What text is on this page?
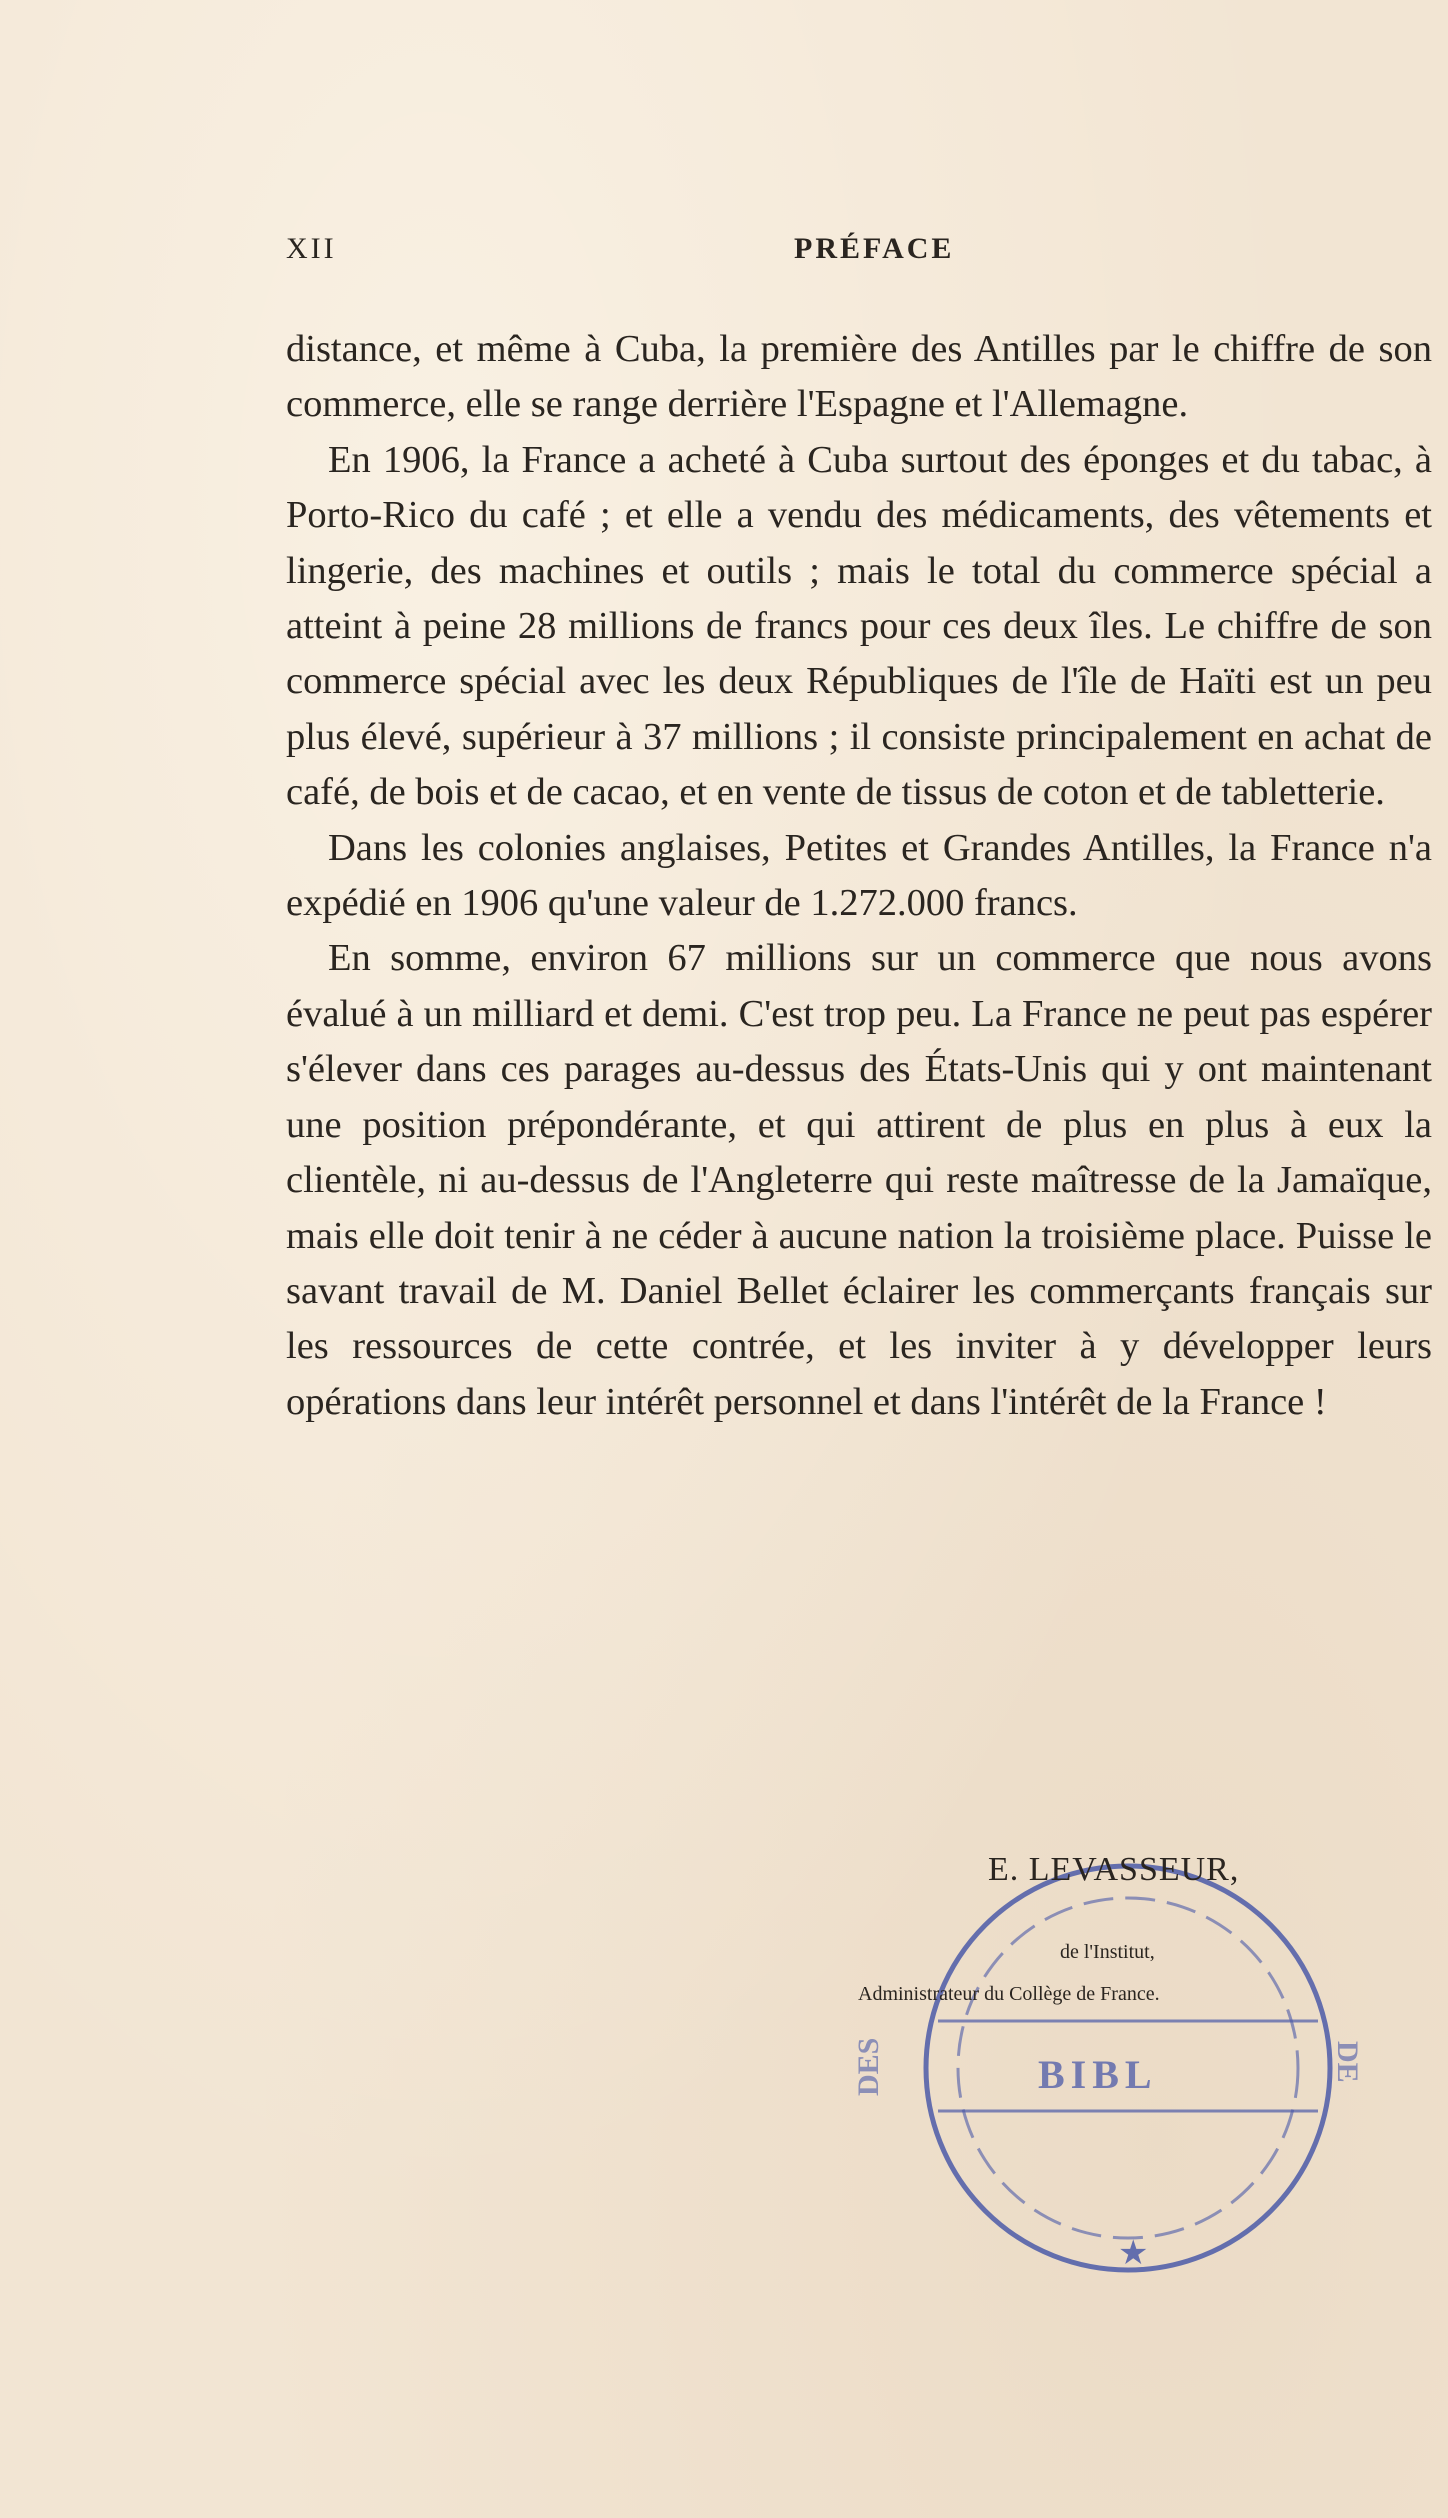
XII	PRÉFACE

distance, et même à Cuba, la première des Antilles par le chiffre de son commerce, elle se range derrière l'Espagne et l'Allemagne.

En 1906, la France a acheté à Cuba surtout des éponges et du tabac, à Porto-Rico du café ; et elle a vendu des médicaments, des vêtements et lingerie, des machines et outils ; mais le total du commerce spécial a atteint à peine 28 millions de francs pour ces deux îles. Le chiffre de son commerce spécial avec les deux Républiques de l'île de Haïti est un peu plus élevé, supérieur à 37 millions ; il consiste principalement en achat de café, de bois et de cacao, et en vente de tissus de coton et de tabletterie.

Dans les colonies anglaises, Petites et Grandes Antilles, la France n'a expédié en 1906 qu'une valeur de 1.272.000 francs.

En somme, environ 67 millions sur un commerce que nous avons évalué à un milliard et demi. C'est trop peu. La France ne peut pas espérer s'élever dans ces parages au-dessus des États-Unis qui y ont maintenant une position prépondérante, et qui attirent de plus en plus à eux la clientèle, ni au-dessus de l'Angleterre qui reste maîtresse de la Jamaïque, mais elle doit tenir à ne céder à aucune nation la troisième place. Puisse le savant travail de M. Daniel Bellet éclairer les commerçants français sur les ressources de cette contrée, et les inviter à y développer leurs opérations dans leur intérêt personnel et dans l'intérêt de la France !

★
BIBL
DES	DE
E. LEVASSEUR,
de l'Institut,
Administrateur du Collège de France.
